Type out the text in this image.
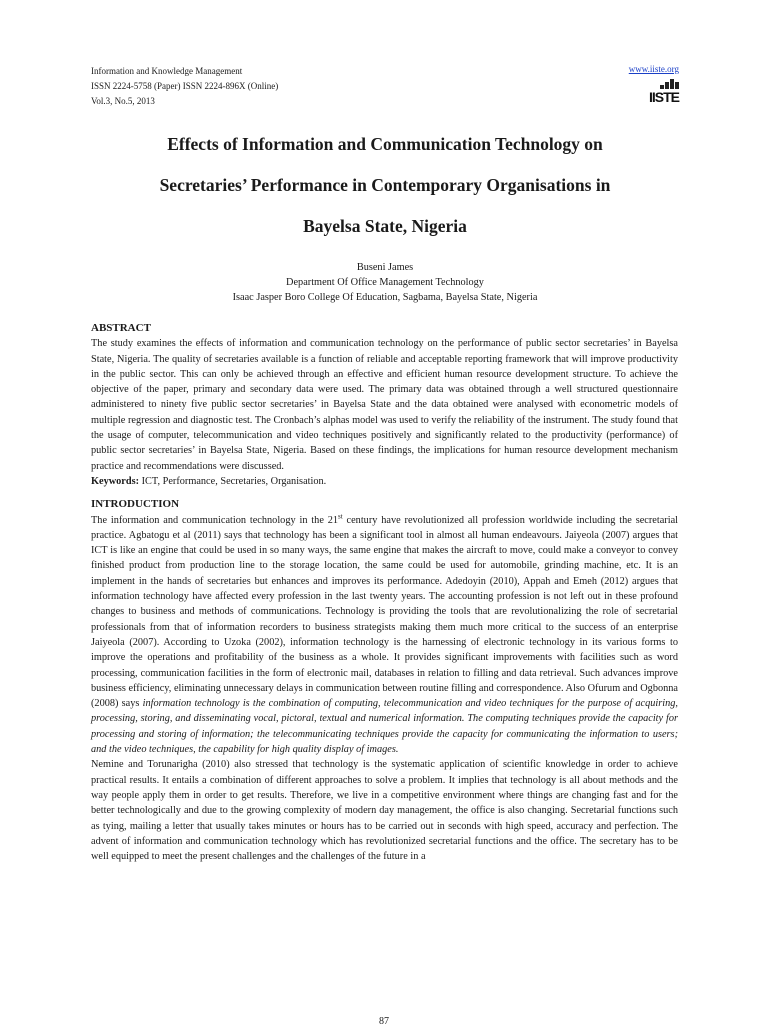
Information and Knowledge Management
ISSN 2224-5758 (Paper) ISSN 2224-896X (Online)
Vol.3, No.5, 2013
www.iiste.org
IISTE
Effects of Information and Communication Technology on
Secretaries’ Performance in Contemporary Organisations in
Bayelsa State, Nigeria
Buseni James
Department Of Office Management Technology
Isaac Jasper Boro College Of Education, Sagbama, Bayelsa State, Nigeria
ABSTRACT

The study examines the effects of information and communication technology on the performance of public sector secretaries’ in Bayelsa State, Nigeria. The quality of secretaries available is a function of reliable and acceptable reporting framework that will improve productivity in the public sector. This can only be achieved through an effective and efficient human resource development structure. To achieve the objective of the paper, primary and secondary data were used. The primary data was obtained through a well structured questionnaire administered to ninety five public sector secretaries’ in Bayelsa State and the data obtained were analysed with econometric models of multiple regression and diagnostic test. The Cronbach’s alphas model was used to verify the reliability of the instrument. The study found that the usage of computer, telecommunication and video techniques positively and significantly related to the productivity (performance) of public sector secretaries’ in Bayelsa State, Nigeria. Based on these findings, the implications for human resource development mechanism practice and recommendations were discussed.

Keywords: ICT, Performance, Secretaries, Organisation.

INTRODUCTION

The information and communication technology in the 21st century have revolutionized all profession worldwide including the secretarial practice. Agbatogu et al (2011) says that technology has been a significant tool in almost all human endeavours. Jaiyeola (2007) argues that ICT is like an engine that could be used in so many ways, the same engine that makes the aircraft to move, could make a conveyor to convey finished product from production line to the storage location, the same could be used for automobile, grinding machine, etc. It is an implement in the hands of secretaries but enhances and improves its performance. Adedoyin (2010), Appah and Emeh (2012) argues that information technology have affected every profession in the last twenty years. The accounting profession is not left out in these profound changes to business and methods of communications. Technology is providing the tools that are revolutionalizing the role of secretarial professionals from that of information recorders to business strategists making them much more critical to the success of an enterprise Jaiyeola (2007). According to Uzoka (2002), information technology is the harnessing of electronic technology in its various forms to improve the operations and profitability of the business as a whole. It provides significant improvements with facilities such as word processing, communication facilities in the form of electronic mail, databases in relation to filling and data retrieval. Such advances improve business efficiency, eliminating unnecessary delays in communication between routine filling and correspondence. Also Ofurum and Ogbonna (2008) says information technology is the combination of computing, telecommunication and video techniques for the purpose of acquiring, processing, storing, and disseminating vocal, pictoral, textual and numerical information. The computing techniques provide the capacity for processing and storing of information; the telecommunicating techniques provide the capacity for communicating the information to users; and the video techniques, the capability for high quality display of images.

Nemine and Torunarigha (2010) also stressed that technology is the systematic application of scientific knowledge in order to achieve practical results. It entails a combination of different approaches to solve a problem. It implies that technology is all about methods and the way people apply them in order to get results. Therefore, we live in a competitive environment where things are changing fast and for the better technologically and due to the growing complexity of modern day management, the office is also changing. Secretarial functions such as tying, mailing a letter that usually takes minutes or hours has to be carried out in seconds with high speed, accuracy and perfection. The advent of information and communication technology which has revolutionized secretarial functions and the office. The secretary has to be well equipped to meet the present challenges and the challenges of the future in a

87
